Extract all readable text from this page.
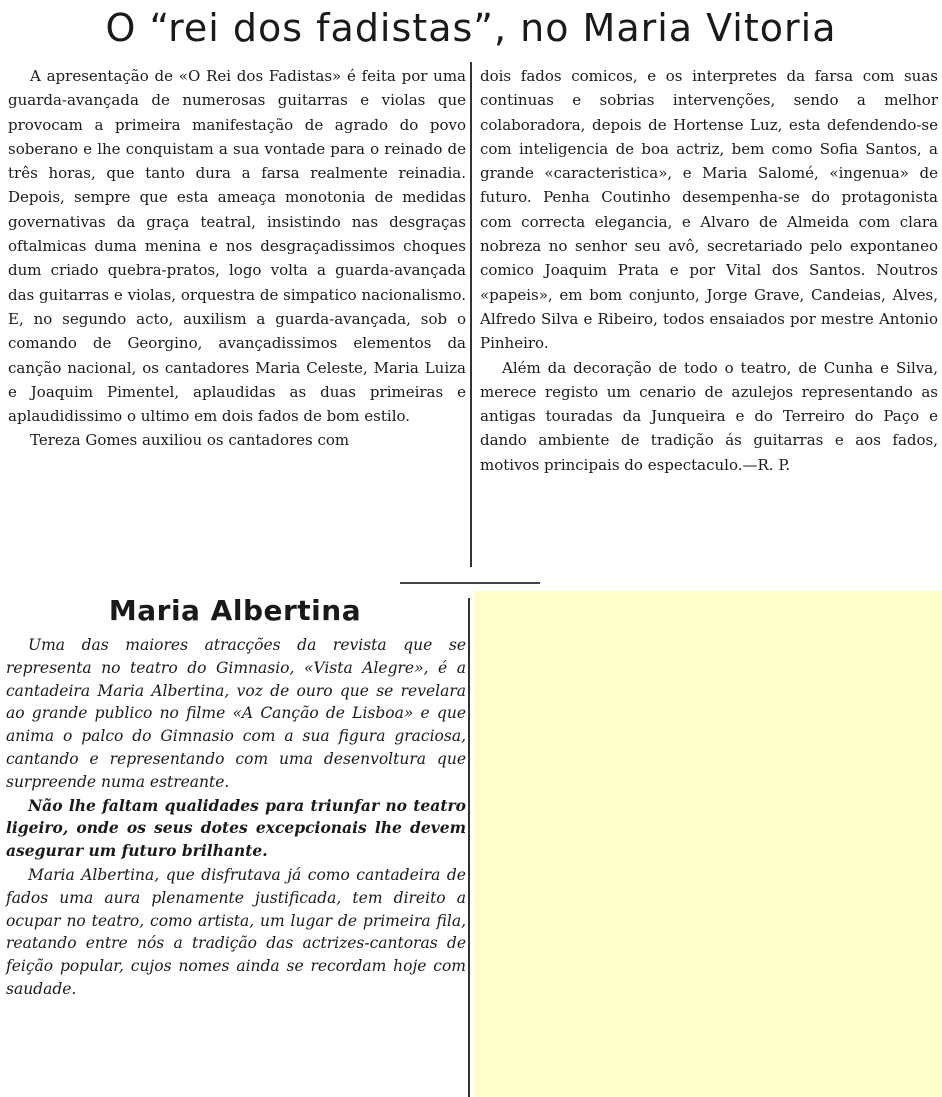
O “rei dos fadistas”, no Maria Vitoria

A apresentação de «O Rei dos Fadistas» é feita por uma guarda-avançada de numerosas guitarras e violas que provocam a primeira manifestação de agrado do povo soberano e lhe conquistam a sua vontade para o reinado de três horas, que tanto dura a farsa realmente reinadia. Depois, sempre que esta ameaça monotonia de medidas governativas da graça teatral, insistindo nas desgraças oftalmicas duma menina e nos desgraçadissimos choques dum criado quebra-pratos, logo volta a guarda-avançada das guitarras e violas, orquestra de simpatico nacionalismo. E, no segundo acto, auxilism a guarda-avançada, sob o comando de Georgino, avançadissimos elementos da canção nacional, os cantadores Maria Celeste, Maria Luiza e Joaquim Pimentel, aplaudidas as duas primeiras e aplaudidissimo o ultimo em dois fados de bom estilo.

Tereza Gomes auxiliou os cantadores com

dois fados comicos, e os interpretes da farsa com suas continuas e sobrias intervenções, sendo a melhor colaboradora, depois de Hortense Luz, esta defendendo-se com inteligencia de boa actriz, bem como Sofia Santos, a grande «caracteristica», e Maria Salomé, «ingenua» de futuro. Penha Coutinho desempenha-se do protagonista com correcta elegancia, e Alvaro de Almeida com clara nobreza no senhor seu avô, secretariado pelo expontaneo comico Joaquim Prata e por Vital dos Santos. Noutros «papeis», em bom conjunto, Jorge Grave, Candeias, Alves, Alfredo Silva e Ribeiro, todos ensaiados por mestre Antonio Pinheiro.

Além da decoração de todo o teatro, de Cunha e Silva, merece registo um cenario de azulejos representando as antigas touradas da Junqueira e do Terreiro do Paço e dando ambiente de tradição ás guitarras e aos fados, motivos principais do espectaculo.—R. P.

Maria Albertina

Uma das maiores atracções da revista que se representa no teatro do Gimnasio, «Vista Alegre», é a cantadeira Maria Albertina, voz de ouro que se revelara ao grande publico no filme «A Canção de Lisboa» e que anima o palco do Gimnasio com a sua figura graciosa, cantando e representando com uma desenvoltura que surpreende numa estreante.

Não lhe faltam qualidades para triunfar no teatro ligeiro, onde os seus dotes excepcionais lhe devem asegurar um futuro brilhante.

Maria Albertina, que disfrutava já como cantadeira de fados uma aura plenamente justificada, tem direito a ocupar no teatro, como artista, um lugar de primeira fila, reatando entre nós a tradição das actrizes-cantoras de feição popular, cujos nomes ainda se recordam hoje com saudade.
